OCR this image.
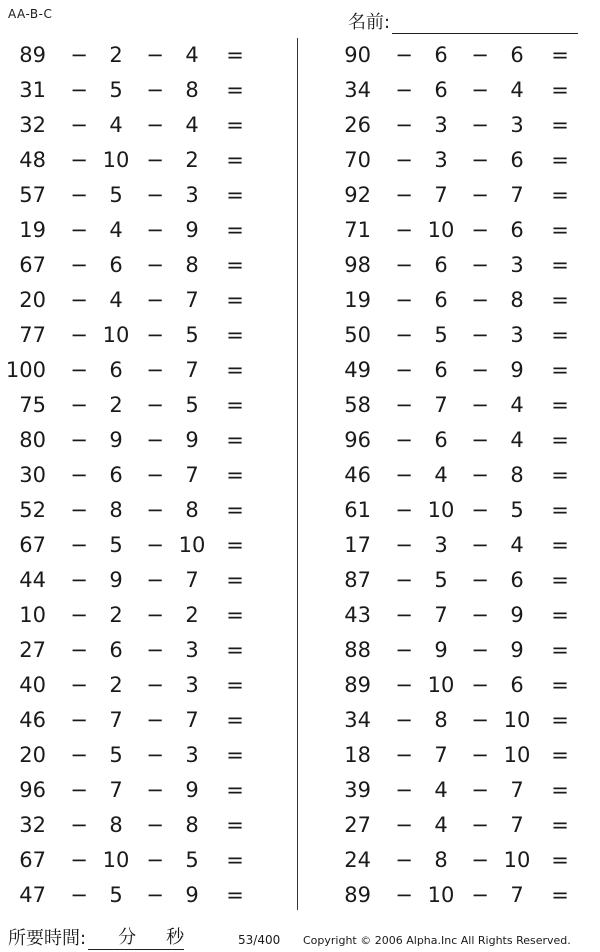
AA-B-C	名前:
89 −	2	−	4	=
31 −	5	−	8	=
32 −	4	−	4	=
48 − 10 −	2	=
57 −	5	−	3	=
19 −	4	−	9	=
67 −	6	−	8	=
20 −	4	−	7	=
77 − 10 −	5	=
100 −	6	−	7	=
75 −	2	−	5	=
80 −	9	−	9	=
30 −	6	−	7	=
52 −	8	−	8	=
67 −	5	− 10 =
44 −	9	−	7	=
10 −	2	−	2	=
27 −	6	−	3	=
40 −	2	−	3	=
46 −	7	−	7	=
20 −	5	−	3	=
96 −	7	−	9	=
32 −	8	−	8	=
67 − 10 −	5	=
47 −	5	−	9	=
90 −	6	−	6	=
34 −	6	−	4	=
26 −	3	−	3	=
70 −	3	−	6	=
92 −	7	−	7	=
71 − 10 −	6	=
98 −	6	−	3	=
19 −	6	−	8	=
50 −	5	−	3	=
49 −	6	−	9	=
58 −	7	−	4	=
96 −	6	−	4	=
46 −	4	−	8	=
61 − 10 −	5	=
17 −	3	−	4	=
87 −	5	−	6	=
43 −	7	−	9	=
88 −	9	−	9	=
89 − 10 −	6	=
34 −	8	− 10 =
18 −	7	− 10 =
39 −	4	−	7	=
27 −	4	−	7	=
24 −	8	− 10 =
89 − 10 −	7	=
所要時間: 分 秒	53/400 Copyright © 2006 Alpha.Inc All Rights Reserved.
